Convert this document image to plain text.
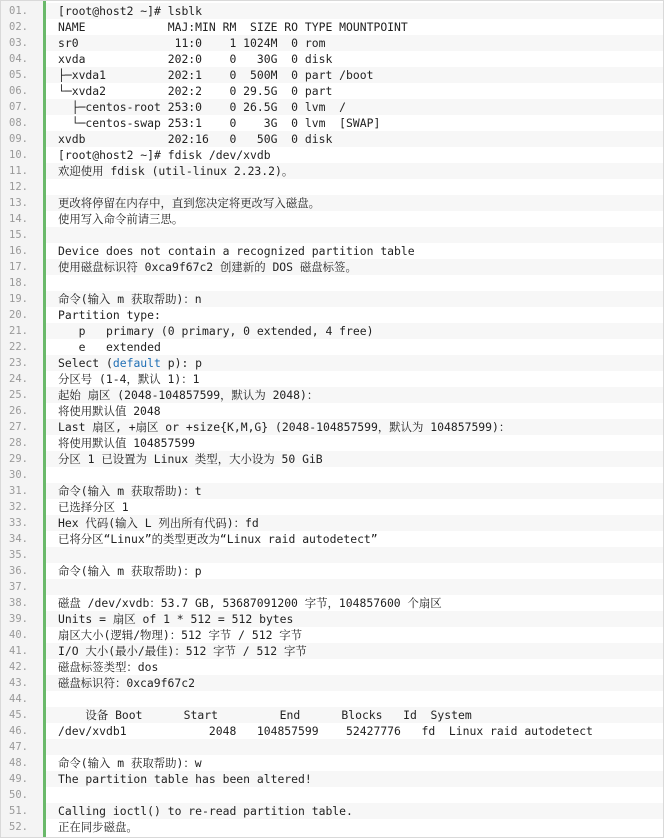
01.	[root@host2 ~]# lsblk
02.	NAME            MAJ:MIN RM  SIZE RO TYPE MOUNTPOINT
03.	sr0              11:0    1 1024M  0 rom
04.	xvda            202:0    0   30G  0 disk
05.	├─xvda1         202:1    0  500M  0 part /boot
06.	└─xvda2         202:2    0 29.5G  0 part
07.	├─centos-root 253:0    0 26.5G  0 lvm  /
08.	└─centos-swap 253:1    0    3G  0 lvm  [SWAP]
09.	xvdb            202:16   0   50G  0 disk
10.	[root@host2 ~]# fdisk /dev/xvdb
11.	欢迎使用 fdisk (util-linux 2.23.2)。
12.
13.	更改将停留在内存中，直到您决定将更改写入磁盘。
14.	使用写入命令前请三思。
15.
16.	Device does not contain a recognized partition table
17.	使用磁盘标识符 0xca9f67c2 创建新的 DOS 磁盘标签。
18.
19.	命令(输入 m 获取帮助)：n
20.	Partition type:
21.	p   primary (0 primary, 0 extended, 4 free)
22.	e   extended
23.	Select (default p): p
24.	分区号 (1-4，默认 1)：1
25.	起始 扇区 (2048-104857599，默认为 2048)：
26.	将使用默认值 2048
27.	Last 扇区, +扇区 or +size{K,M,G} (2048-104857599，默认为 104857599)：
28.	将使用默认值 104857599
29.	分区 1 已设置为 Linux 类型，大小设为 50 GiB
30.
31.	命令(输入 m 获取帮助)：t
32.	已选择分区 1
33.	Hex 代码(输入 L 列出所有代码)：fd
34.	已将分区“Linux”的类型更改为“Linux raid autodetect”
35.
36.	命令(输入 m 获取帮助)：p
37.
38.	磁盘 /dev/xvdb：53.7 GB, 53687091200 字节，104857600 个扇区
39.	Units = 扇区 of 1 * 512 = 512 bytes
40.	扇区大小(逻辑/物理)：512 字节 / 512 字节
41.	I/O 大小(最小/最佳)：512 字节 / 512 字节
42.	磁盘标签类型：dos
43.	磁盘标识符：0xca9f67c2
44.
45.	设备 Boot      Start         End      Blocks   Id  System
46.	/dev/xvdb1            2048   104857599    52427776   fd  Linux raid autodetect
47.
48.	命令(输入 m 获取帮助)：w
49.	The partition table has been altered!
50.
51.	Calling ioctl() to re-read partition table.
52.	正在同步磁盘。
